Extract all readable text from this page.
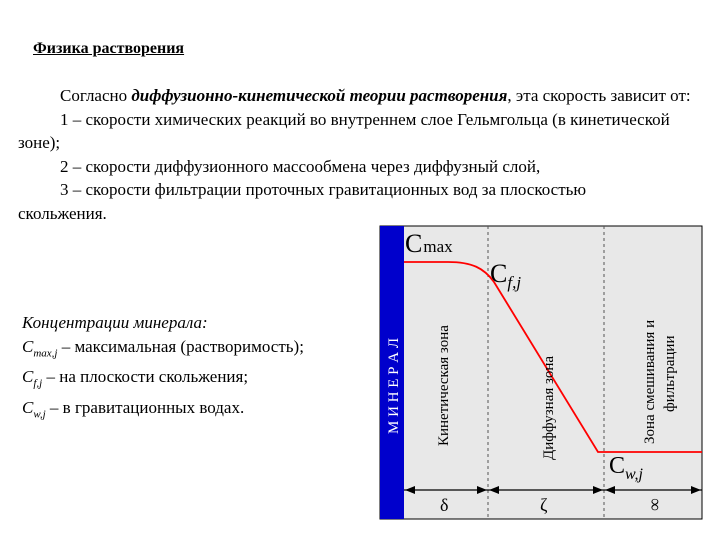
Физика растворения
Согласно диффузионно-кинетической теории растворения, эта скорость зависит от:
1 – скорости химических реакций во внутреннем слое Гельмгольца (в кинетической зоне);
2 – скорости диффузионного массообмена через диффузный слой,
3 – скорости фильтрации проточных гравитационных вод за плоскостью
скольжения.
Концентрации минерала:
$C_{max,j}$ – максимальная (растворимость);
$C_{f,j}$ – на плоскости скольжения;
$C_{w,j}$ – в гравитационных водах.	М И Н Е Р А Л
Cmax
$C_{f,j}$
$C_{w,j}$
Кинетическая зона	Диффузная зона	Зона смешивания и фильтрации
δ	ζ	∞
